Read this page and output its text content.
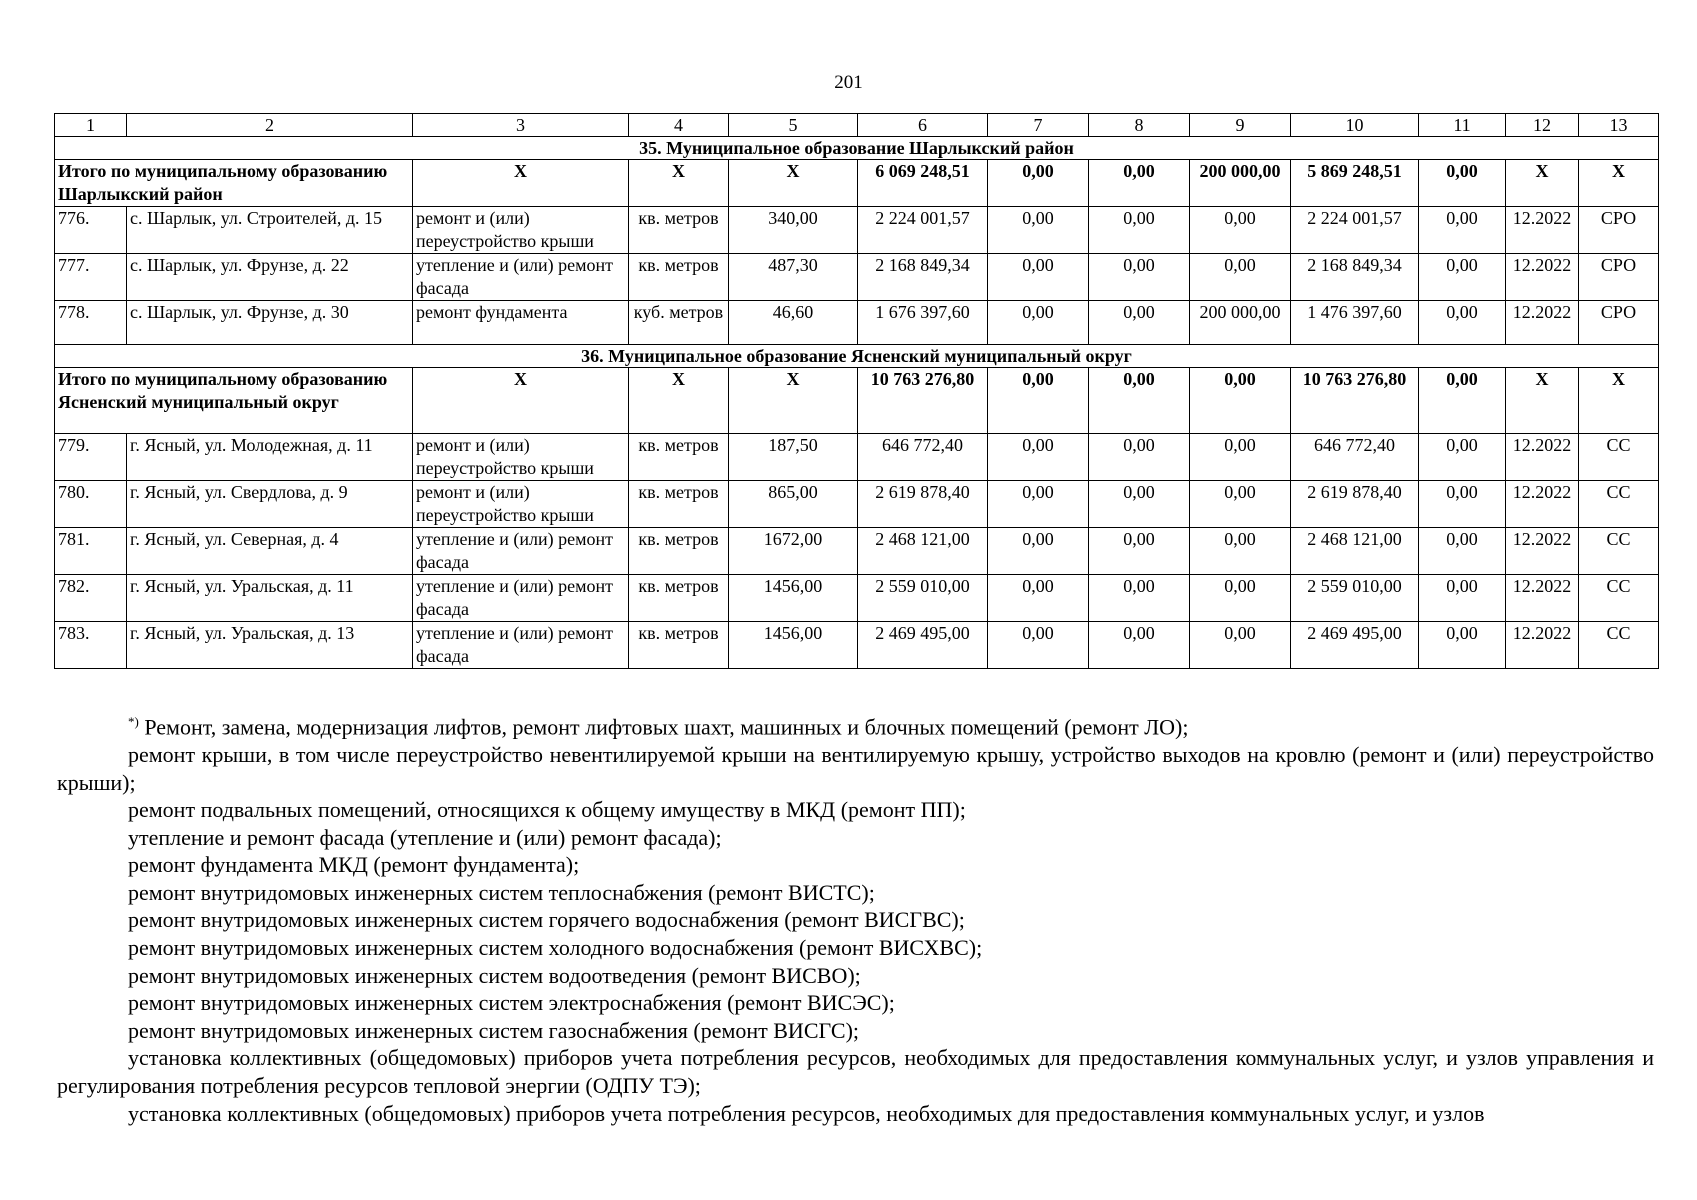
201
1	2	3	4	5	6	7	8	9	10	11	12	13
35. Муниципальное образование Шарлыкский район												
Итого по муниципальному образованию Шарлыкский район		Х	Х	Х	6 069 248,51	0,00	0,00	200 000,00	5 869 248,51	0,00	Х	Х
776.	с. Шарлык, ул. Строителей, д. 15	ремонт и (или) переустройство крыши	кв. метров	340,00	2 224 001,57	0,00	0,00	0,00	2 224 001,57	0,00	12.2022	СРО
777.	с. Шарлык, ул. Фрунзе, д. 22	утепление и (или) ремонт фасада	кв. метров	487,30	2 168 849,34	0,00	0,00	0,00	2 168 849,34	0,00	12.2022	СРО
778.	с. Шарлык, ул. Фрунзе, д. 30	ремонт фундамента	куб. метров	46,60	1 676 397,60	0,00	0,00	200 000,00	1 476 397,60	0,00	12.2022	СРО
36. Муниципальное образование Ясненский муниципальный округ												
Итого по муниципальному образованию Ясненский муниципальный округ		Х	Х	Х	10 763 276,80	0,00	0,00	0,00	10 763 276,80	0,00	Х	Х
779.	г. Ясный, ул. Молодежная, д. 11	ремонт и (или) переустройство крыши	кв. метров	187,50	646 772,40	0,00	0,00	0,00	646 772,40	0,00	12.2022	СС
780.	г. Ясный, ул. Свердлова, д. 9	ремонт и (или) переустройство крыши	кв. метров	865,00	2 619 878,40	0,00	0,00	0,00	2 619 878,40	0,00	12.2022	СС
781.	г. Ясный, ул. Северная, д. 4	утепление и (или) ремонт фасада	кв. метров	1672,00	2 468 121,00	0,00	0,00	0,00	2 468 121,00	0,00	12.2022	СС
782.	г. Ясный, ул. Уральская, д. 11	утепление и (или) ремонт фасада	кв. метров	1456,00	2 559 010,00	0,00	0,00	0,00	2 559 010,00	0,00	12.2022	СС
783.	г. Ясный, ул. Уральская, д. 13	утепление и (или) ремонт фасада	кв. метров	1456,00	2 469 495,00	0,00	0,00	0,00	2 469 495,00	0,00	12.2022	СС

*) Ремонт, замена, модернизация лифтов, ремонт лифтовых шахт, машинных и блочных помещений (ремонт ЛО);

ремонт крыши, в том числе переустройство невентилируемой крыши на вентилируемую крышу, устройство выходов на кровлю (ремонт и (или) переустройство крыши);

ремонт подвальных помещений, относящихся к общему имуществу в МКД (ремонт ПП);

утепление и ремонт фасада (утепление и (или) ремонт фасада);

ремонт фундамента МКД (ремонт фундамента);

ремонт внутридомовых инженерных систем теплоснабжения (ремонт ВИСТС);

ремонт внутридомовых инженерных систем горячего водоснабжения (ремонт ВИСГВС);

ремонт внутридомовых инженерных систем холодного водоснабжения (ремонт ВИСХВС);

ремонт внутридомовых инженерных систем водоотведения (ремонт ВИСВО);

ремонт внутридомовых инженерных систем электроснабжения (ремонт ВИСЭС);

ремонт внутридомовых инженерных систем газоснабжения (ремонт ВИСГС);

установка коллективных (общедомовых) приборов учета потребления ресурсов, необходимых для предоставления коммунальных услуг, и узлов управления и регулирования потребления ресурсов тепловой энергии (ОДПУ ТЭ);

установка коллективных (общедомовых) приборов учета потребления ресурсов, необходимых для предоставления коммунальных услуг, и узлов
